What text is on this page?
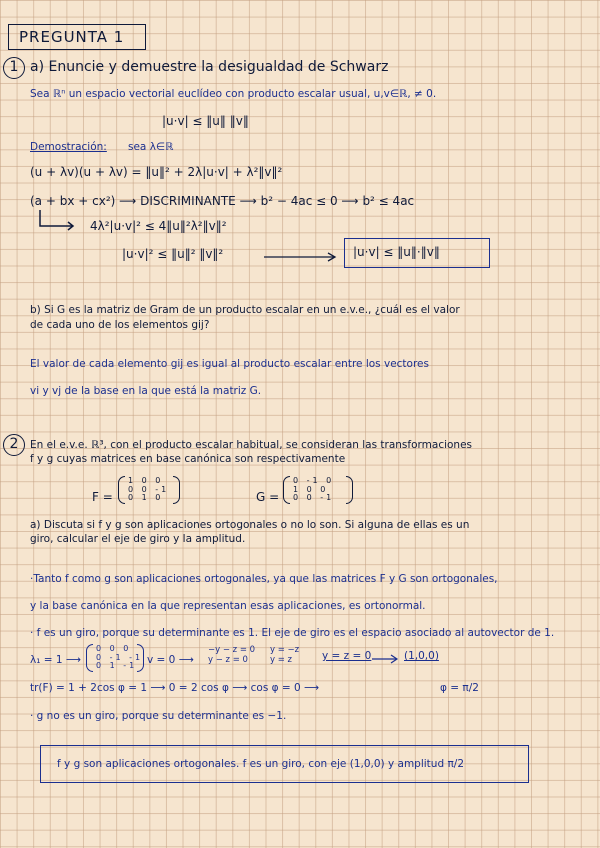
PREGUNTA 1
1 a) Enuncie y demuestre la desigualdad de Schwarz
Sea ℝⁿ un espacio vectorial euclídeo con producto escalar usual, u,v∈ℝ, ≠ 0.
|u·v| ≤ ‖u‖ ‖v‖
Demostración: sea λ∈ℝ
(u + λv)(u + λv) = ‖u‖² + 2λ|u·v| + λ²‖v‖²
(a + bx + cx²) ⟶ DISCRIMINANTE ⟶ b² − 4ac ≤ 0 ⟶ b² ≤ 4ac
4λ²|u·v|² ≤ 4‖u‖²λ²‖v‖²
|u·v|² ≤ ‖u‖² ‖v‖²	|u·v| ≤ ‖u‖·‖v‖
b) Si G es la matriz de Gram de un producto escalar en un e.v.e., ¿cuál es el valor
de cada uno de los elementos gij?
El valor de cada elemento gij es igual al producto escalar entre los vectores
vi y vj de la base en la que está la matriz G.
2	En el e.v.e. ℝ³, con el producto escalar habitual, se consideran las transformaciones
f y g cuyas matrices en base canónica son respectivamente
F =
1 0 0
0 0 -1
0 1 0	G =
0 -1 0
1 0 0
0 0 -1
a) Discuta si f y g son aplicaciones ortogonales o no lo son. Si alguna de ellas es un
giro, calcular el eje de giro y la amplitud.
·Tanto f como g son aplicaciones ortogonales, ya que las matrices F y G son ortogonales,
y la base canónica en la que representan esas aplicaciones, es ortonormal.
· f es un giro, porque su determinante es 1. El eje de giro es el espacio asociado al autovector de 1.
λ₁ = 1 ⟶
0 0 0
0 -1 -1
0 1 -1 v = 0 ⟶
−y − z = 0
y − z = 0
y = −z
y = z	y = z = 0	(1,0,0)
tr(F) = 1 + 2cos φ = 1 ⟶ 0 = 2 cos φ ⟶ cos φ = 0 ⟶	φ = π/2
· g no es un giro, porque su determinante es −1.
f y g son aplicaciones ortogonales. f es un giro, con eje (1,0,0) y amplitud π/2
